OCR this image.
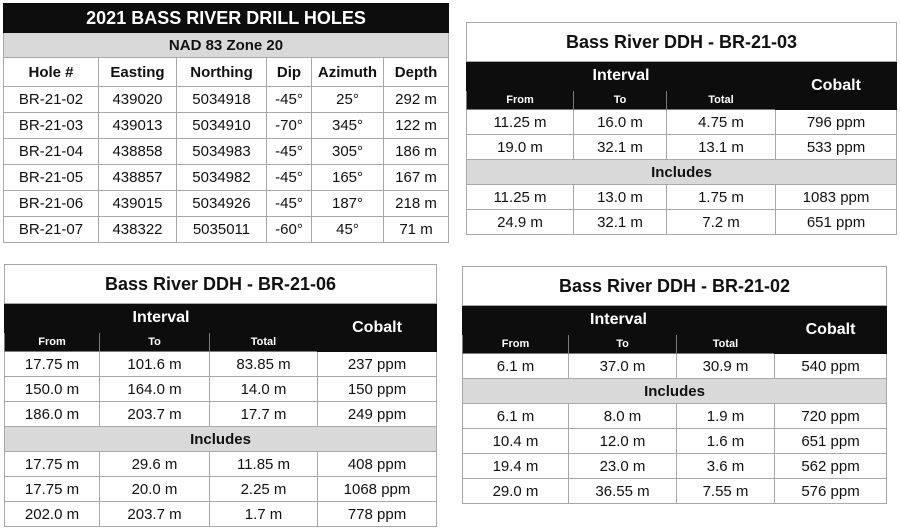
2021 BASS RIVER DRILL HOLES					
NAD 83 Zone 20					
Hole #	Easting	Northing	Dip	Azimuth	Depth
BR-21-02	439020	5034918	-45°	25°	292 m
BR-21-03	439013	5034910	-70°	345°	122 m
BR-21-04	438858	5034983	-45°	305°	186 m
BR-21-05	438857	5034982	-45°	165°	167 m
BR-21-06	439015	5034926	-45°	187°	218 m
BR-21-07	438322	5035011	-60°	45°	71 m
Bass River DDH - BR-21-03			
Interval			Cobalt
From	To	Total	
11.25 m	16.0 m	4.75 m	796 ppm
19.0 m	32.1 m	13.1 m	533 ppm
Includes			
11.25 m	13.0 m	1.75 m	1083 ppm
24.9 m	32.1 m	7.2 m	651 ppm
Bass River DDH - BR-21-06			
Interval			Cobalt
From	To	Total	
17.75 m	101.6 m	83.85 m	237 ppm
150.0 m	164.0 m	14.0 m	150 ppm
186.0 m	203.7 m	17.7 m	249 ppm
Includes			
17.75 m	29.6 m	11.85 m	408 ppm
17.75 m	20.0 m	2.25 m	1068 ppm
202.0 m	203.7 m	1.7 m	778 ppm
Bass River DDH - BR-21-02			
Interval			Cobalt
From	To	Total	
6.1 m	37.0 m	30.9 m	540 ppm
Includes			
6.1 m	8.0 m	1.9 m	720 ppm
10.4 m	12.0 m	1.6 m	651 ppm
19.4 m	23.0 m	3.6 m	562 ppm
29.0 m	36.55 m	7.55 m	576 ppm
